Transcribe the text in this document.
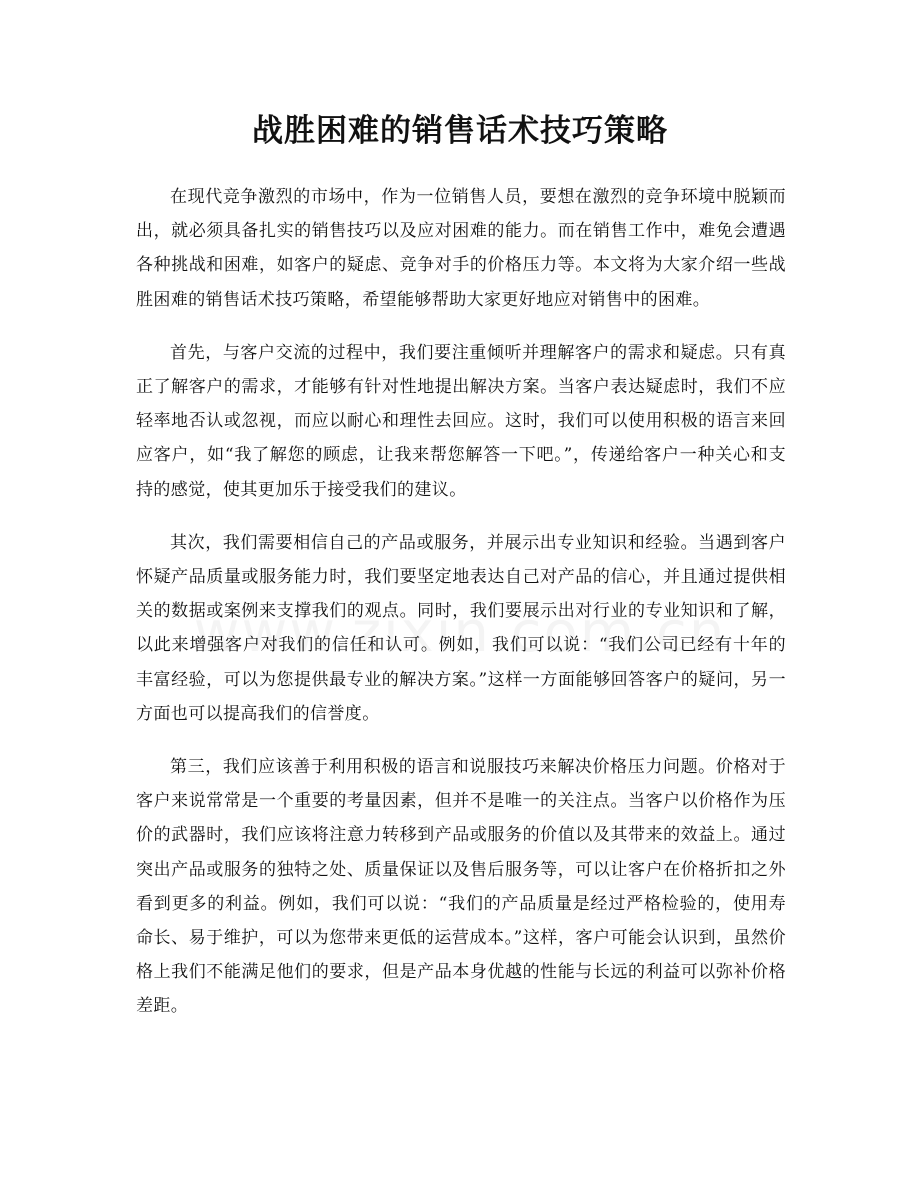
战胜困难的销售话术技巧策略

在现代竞争激烈的市场中，作为一位销售人员，要想在激烈的竞争环境中脱颖而出，就必须具备扎实的销售技巧以及应对困难的能力。而在销售工作中，难免会遭遇各种挑战和困难，如客户的疑虑、竞争对手的价格压力等。本文将为大家介绍一些战胜困难的销售话术技巧策略，希望能够帮助大家更好地应对销售中的困难。

首先，与客户交流的过程中，我们要注重倾听并理解客户的需求和疑虑。只有真正了解客户的需求，才能够有针对性地提出解决方案。当客户表达疑虑时，我们不应轻率地否认或忽视，而应以耐心和理性去回应。这时，我们可以使用积极的语言来回应客户，如“我了解您的顾虑，让我来帮您解答一下吧。”，传递给客户一种关心和支持的感觉，使其更加乐于接受我们的建议。

其次，我们需要相信自己的产品或服务，并展示出专业知识和经验。当遇到客户怀疑产品质量或服务能力时，我们要坚定地表达自己对产品的信心，并且通过提供相关的数据或案例来支撑我们的观点。同时，我们要展示出对行业的专业知识和了解，以此来增强客户对我们的信任和认可。例如，我们可以说：“我们公司已经有十年的丰富经验，可以为您提供最专业的解决方案。”这样一方面能够回答客户的疑问，另一方面也可以提高我们的信誉度。

第三，我们应该善于利用积极的语言和说服技巧来解决价格压力问题。价格对于客户来说常常是一个重要的考量因素，但并不是唯一的关注点。当客户以价格作为压价的武器时，我们应该将注意力转移到产品或服务的价值以及其带来的效益上。通过突出产品或服务的独特之处、质量保证以及售后服务等，可以让客户在价格折扣之外看到更多的利益。例如，我们可以说：“我们的产品质量是经过严格检验的，使用寿命长、易于维护，可以为您带来更低的运营成本。”这样，客户可能会认识到，虽然价格上我们不能满足他们的要求，但是产品本身优越的性能与长远的利益可以弥补价格差距。
